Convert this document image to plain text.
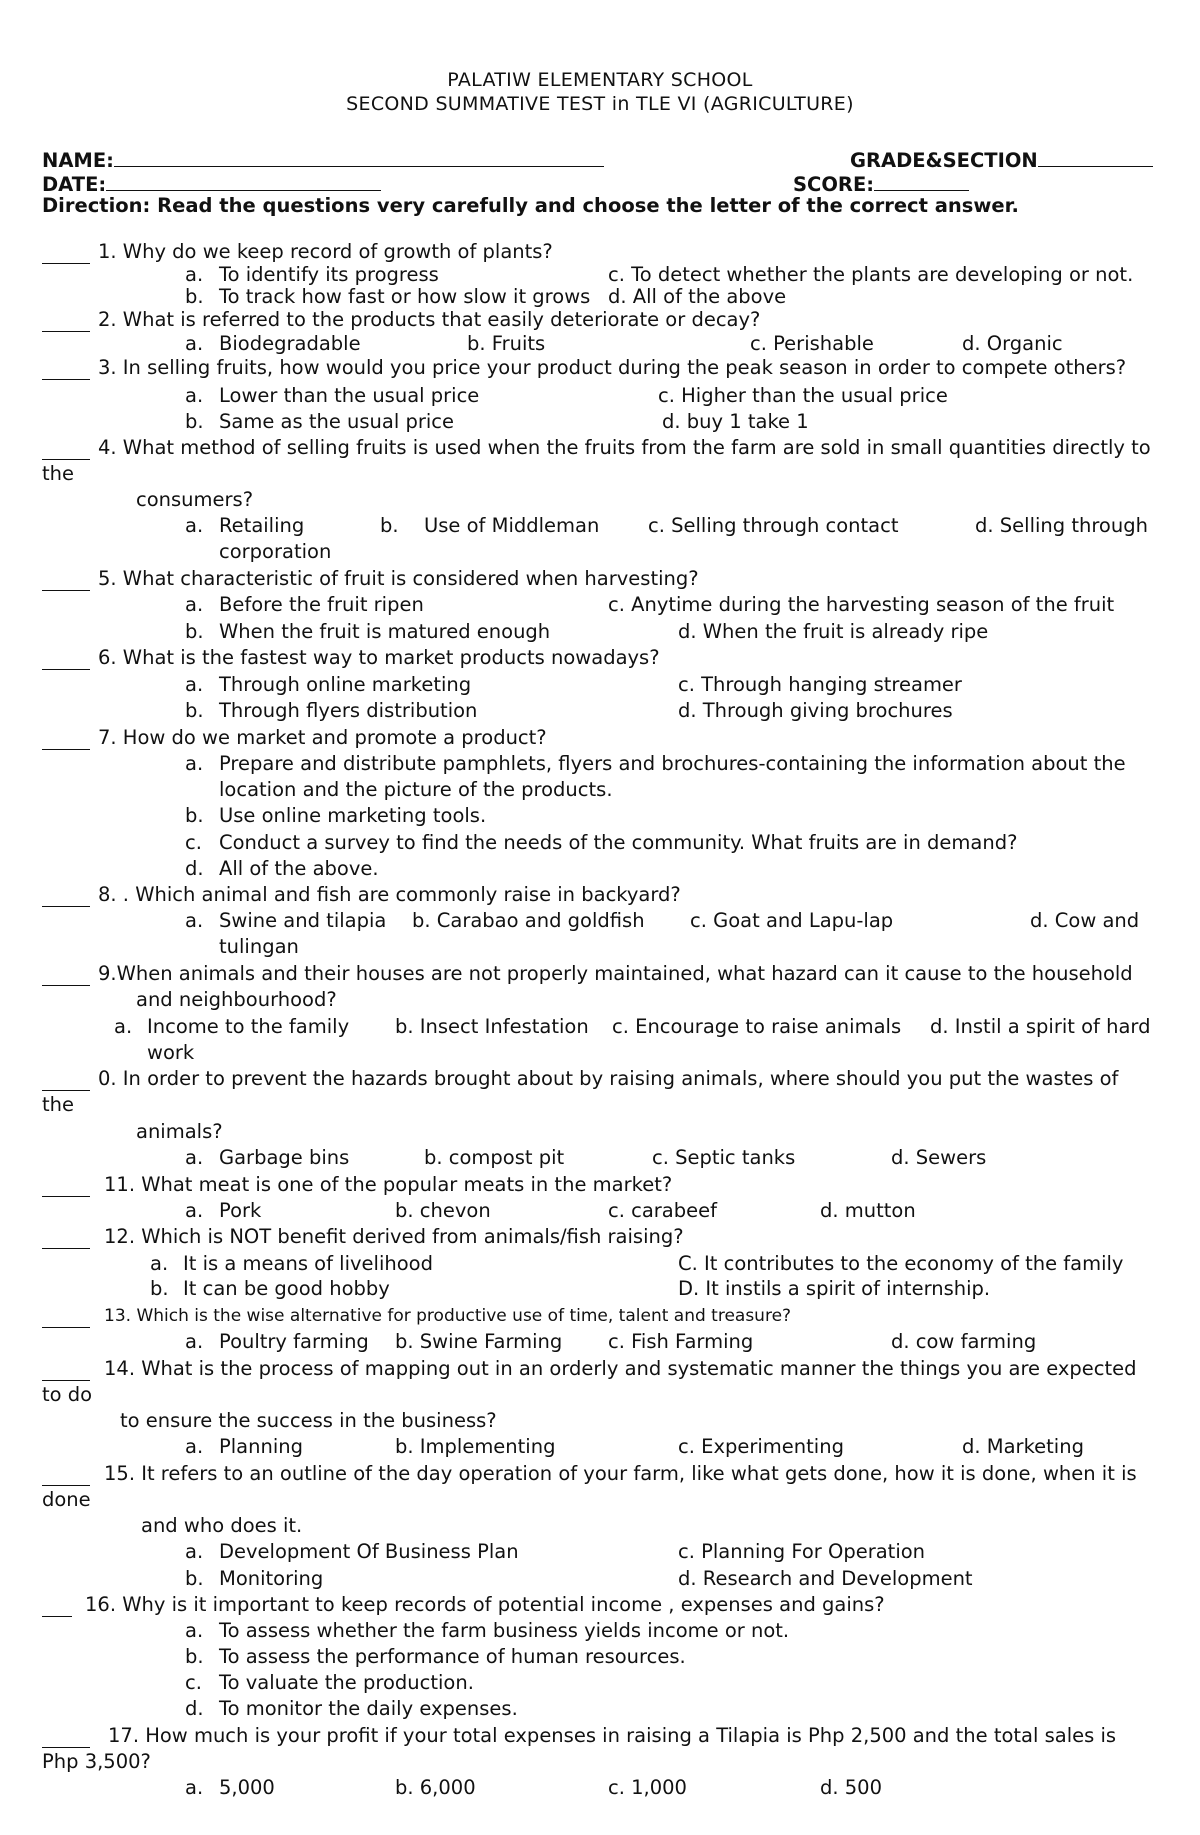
PALATIW ELEMENTARY SCHOOL
SECOND SUMMATIVE TEST in TLE VI (AGRICULTURE)
NAME:	GRADE&SECTION
DATE:	SCORE:
Direction: Read the questions very carefully and choose the letter of the correct answer.
1. Why do we keep record of growth of plants?
a. To identify its progress	c. To detect whether the plants are developing or not.
b. To track how fast or how slow it grows d. All of the above
2. What is referred to the products that easily deteriorate or decay?
a. Biodegradable	b. Fruits	c. Perishable	d. Organic
3. In selling fruits, how would you price your product during the peak season in order to compete others?
a. Lower than the usual price	c. Higher than the usual price
b. Same as the usual price	d. buy 1 take 1
4. What method of selling fruits is used when the fruits from the farm are sold in small quantities directly to
the
consumers?
a. Retailing	b. Use of Middleman c. Selling through contact	d. Selling through
corporation
5. What characteristic of fruit is considered when harvesting?
a. Before the fruit ripen	c. Anytime during the harvesting season of the fruit
b. When the fruit is matured enough	d. When the fruit is already ripe
6. What is the fastest way to market products nowadays?
a. Through online marketing	c. Through hanging streamer
b. Through flyers distribution	d. Through giving brochures
7. How do we market and promote a product?
a. Prepare and distribute pamphlets, flyers and brochures-containing the information about the
location and the picture of the products.
b. Use online marketing tools.
c. Conduct a survey to find the needs of the community. What fruits are in demand?
d. All of the above.
8. . Which animal and fish are commonly raise in backyard?
a. Swine and tilapia b. Carabao and goldfish c. Goat and Lapu-lap	d. Cow and
tulingan
9.When animals and their houses are not properly maintained, what hazard can it cause to the household
and neighbourhood?
a. Income to the family b. Insect Infestation c. Encourage to raise animals d. Instil a spirit of hard
work
0. In order to prevent the hazards brought about by raising animals, where should you put the wastes of
the
animals?
a. Garbage bins	b. compost pit	c. Septic tanks	d. Sewers
11. What meat is one of the popular meats in the market?
a. Pork	b. chevon	c. carabeef	d. mutton
12. Which is NOT benefit derived from animals/fish raising?
a. It is a means of livelihood	C. It contributes to the economy of the family
b. It can be good hobby	D. It instils a spirit of internship.
13. Which is the wise alternative for productive use of time, talent and treasure?
a. Poultry farming b. Swine Farming c. Fish Farming	d. cow farming
14. What is the process of mapping out in an orderly and systematic manner the things you are expected
to do
to ensure the success in the business?
a. Planning	b. Implementing	c. Experimenting	d. Marketing
15. It refers to an outline of the day operation of your farm, like what gets done, how it is done, when it is
done
and who does it.
a. Development Of Business Plan	c. Planning For Operation
b. Monitoring	d. Research and Development
16. Why is it important to keep records of potential income , expenses and gains?
a. To assess whether the farm business yields income or not.
b. To assess the performance of human resources.
c. To valuate the production.
d. To monitor the daily expenses.
17. How much is your profit if your total expenses in raising a Tilapia is Php 2,500 and the total sales is
Php 3,500?
a. 5,000	b. 6,000	c. 1,000	d. 500
